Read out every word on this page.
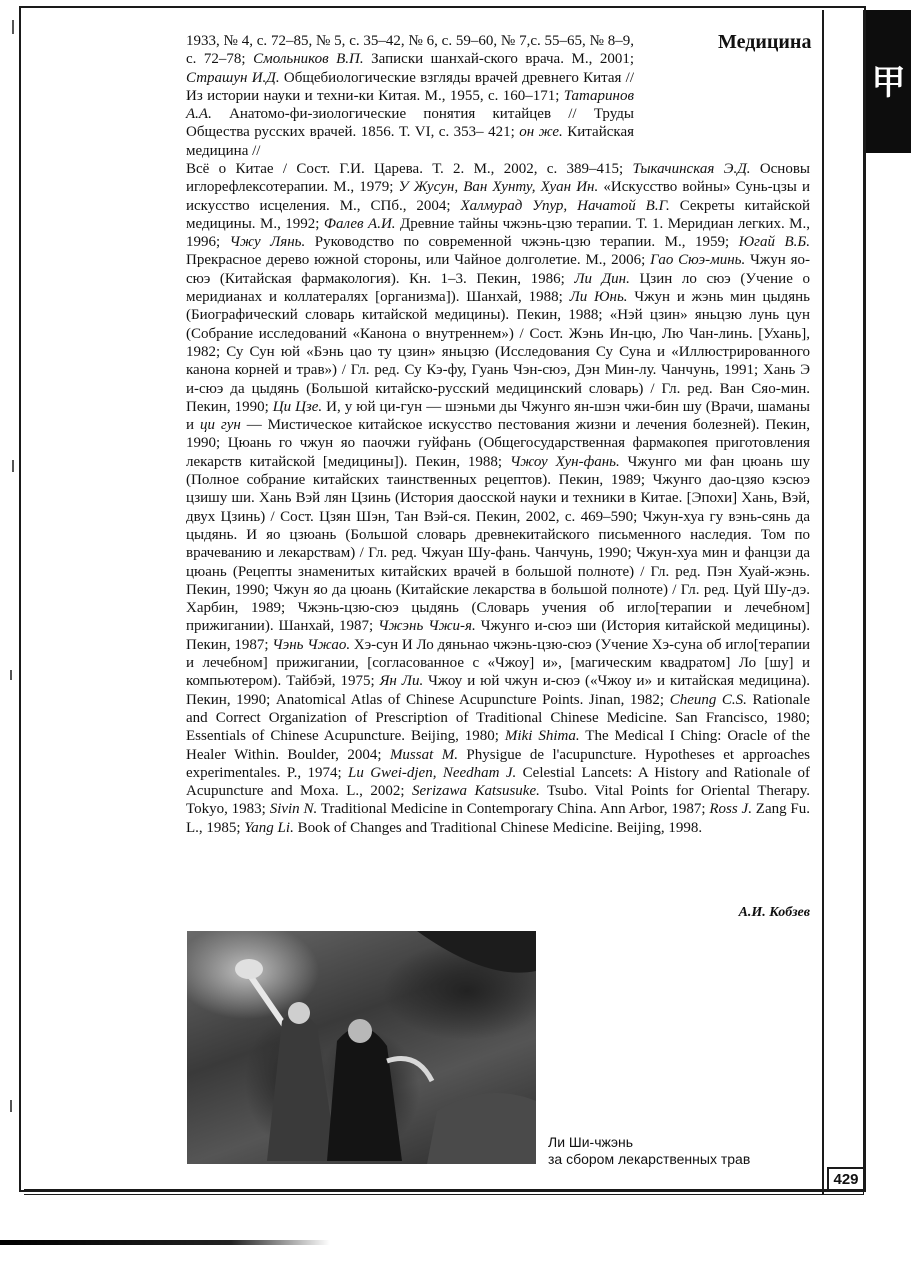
甲
Медицина
1933, № 4, с. 72–85, № 5, с. 35–42, № 6, с. 59–60, № 7,с. 55–65, № 8–9, с. 72–78; Смольников В.П. Записки шанхай-ского врача. М., 2001; Страшун И.Д. Общебиологические взгляды врачей древнего Китая // Из истории науки и техни-ки Китая. М., 1955, с. 160–171; Татаринов А.А. Анатомо-фи-зиологические понятия китайцев // Труды Общества русских врачей. 1856. Т. VI, с. 353– 421; он же. Китайская медицина //
Всё о Китае / Сост. Г.И. Царева. Т. 2. М., 2002, с. 389–415; Тыкачинская Э.Д. Основы иглорефлексотерапии. М., 1979; У Жусун, Ван Хунту, Хуан Ин. «Искусство войны» Сунь-цзы и искусство исцеления. М., СПб., 2004; Халмурад Упур, Начатой В.Г. Секреты китайской медицины. М., 1992; Фалев А.И. Древние тайны чжэнь-цзю терапии. Т. 1. Меридиан легких. М., 1996; Чжу Лянь. Руководство по современной чжэнь-цзю терапии. М., 1959; Югай В.Б. Прекрасное дерево южной стороны, или Чайное долголетие. М., 2006; Гао Сюэ-минь. Чжун яо-сюэ (Китайская фармакология). Кн. 1–3. Пекин, 1986; Ли Дин. Цзин ло сюэ (Учение о меридианах и коллатералях [организма]). Шанхай, 1988; Ли Юнь. Чжун и жэнь мин цыдянь (Биографический словарь китайской медицины). Пекин, 1988; «Нэй цзин» яньцзю лунь цун (Собрание исследований «Канона о внутреннем») / Сост. Жэнь Ин-цю, Лю Чан-линь. [Ухань], 1982; Су Сун юй «Бэнь цао ту цзин» яньцзю (Исследования Су Суна и «Иллюстрированного канона корней и трав») / Гл. ред. Су Кэ-фу, Гуань Чэн-сюэ, Дэн Мин-лу. Чанчунь, 1991; Хань Э и-сюэ да цыдянь (Большой китайско-русский медицинский словарь) / Гл. ред. Ван Сяо-мин. Пекин, 1990; Ци Цзе. И, у юй ци-гун — шэньми ды Чжунго ян-шэн чжи-бин шу (Врачи, шаманы и ци гун — Мистическое китайское искусство пестования жизни и лечения болезней). Пекин, 1990; Цюань го чжун яо паочжи гуйфань (Общегосударственная фармакопея приготовления лекарств китайской [медицины]). Пекин, 1988; Чжоу Хун-фань. Чжунго ми фан цюань шу (Полное собрание китайских таинственных рецептов). Пекин, 1989; Чжунго дао-цзяо кэсюэ цзишу ши. Хань Вэй лян Цзинь (История даосской науки и техники в Китае. [Эпохи] Хань, Вэй, двух Цзинь) / Сост. Цзян Шэн, Тан Вэй-ся. Пекин, 2002, с. 469–590; Чжун-хуа гу вэнь-сянь да цыдянь. И яо цзюань (Большой словарь древнекитайского письменного наследия. Том по врачеванию и лекарствам) / Гл. ред. Чжуан Шу-фань. Чанчунь, 1990; Чжун-хуа мин и фанцзи да цюань (Рецепты знаменитых китайских врачей в большой полноте) / Гл. ред. Пэн Хуай-жэнь. Пекин, 1990; Чжун яо да цюань (Китайские лекарства в большой полноте) / Гл. ред. Цуй Шу-дэ. Харбин, 1989; Чжэнь-цзю-сюэ цыдянь (Словарь учения об игло[терапии и лечебном] прижигании). Шанхай, 1987; Чжэнь Чжи-я. Чжунго и-сюэ ши (История китайской медицины). Пекин, 1987; Чэнь Чжао. Хэ-сун И Ло дяньнао чжэнь-цзю-сюэ (Учение Хэ-суна об игло[терапии и лечебном] прижигании, [согласованное с «Чжоу] и», [магическим квадратом] Ло [шу] и компьютером). Тайбэй, 1975; Ян Ли. Чжоу и юй чжун и-сюэ («Чжоу и» и китайская медицина). Пекин, 1990; Anatomical Atlas of Chinese Acupuncture Points. Jinan, 1982; Cheung C.S. Rationale and Correct Organization of Prescription of Traditional Chinese Medicine. San Francisco, 1980; Essentials of Chinese Acupuncture. Beijing, 1980; Miki Shima. The Medical I Ching: Oracle of the Healer Within. Boulder, 2004; Mussat M. Physigue de l'acupuncture. Hypotheses et approaches experimentales. P., 1974; Lu Gwei-djen, Needham J. Celestial Lancets: A History and Rationale of Acupuncture and Moxa. L., 2002; Serizawa Katsusuke. Tsubo. Vital Points for Oriental Therapy. Tokyo, 1983; Sivin N. Traditional Medicine in Contemporary China. Ann Arbor, 1987; Ross J. Zang Fu. L., 1985; Yang Li. Book of Changes and Traditional Chinese Medicine. Beijing, 1998.
А.И. Кобзев
Ли Ши-чжэнь
за сбором лекарственных трав
429
